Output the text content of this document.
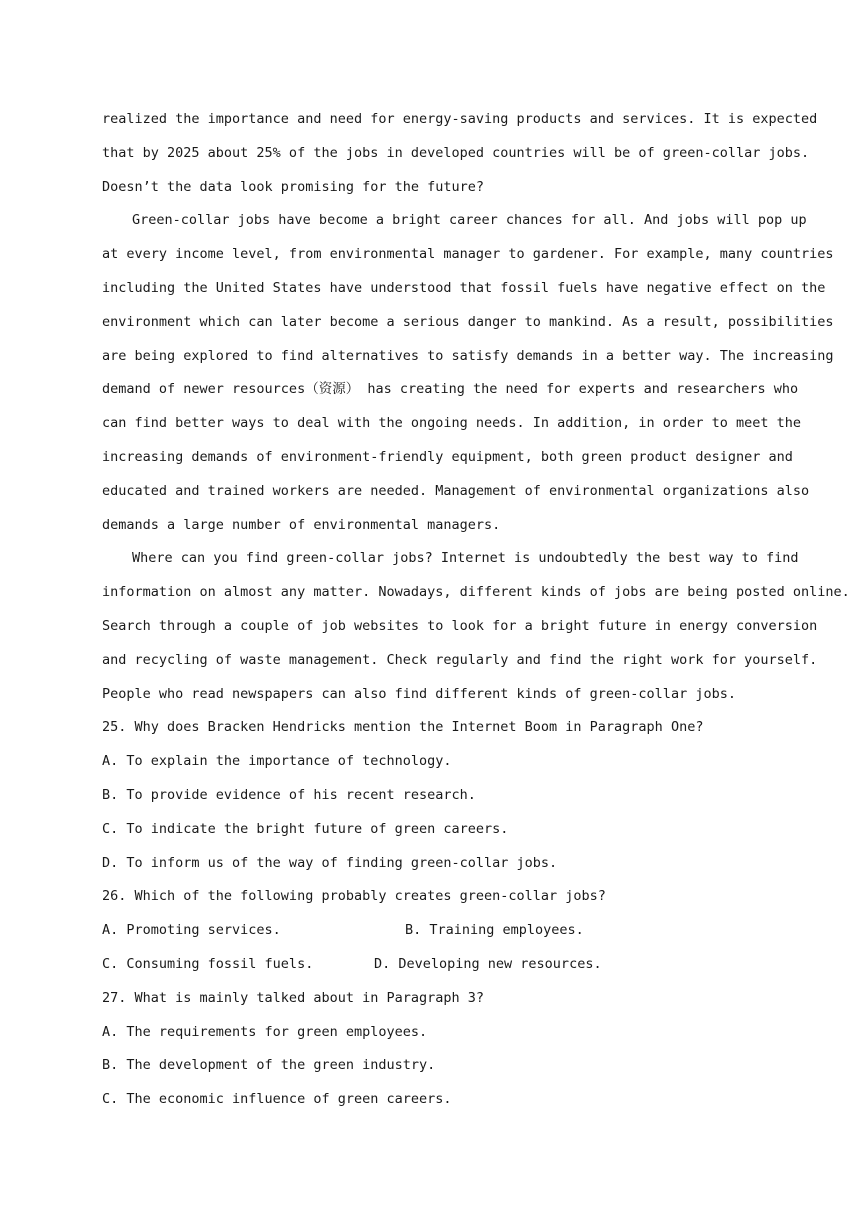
realized the importance and need for energy-saving products and services. It is expected
that by 2025 about 25% of the jobs in developed countries will be of green-collar jobs.
Doesn’t the data look promising for the future?
Green-collar jobs have become a bright career chances for all. And jobs will pop up
at every income level, from environmental manager to gardener. For example, many countries
including the United States have understood that fossil fuels have negative effect on the
environment which can later become a serious danger to mankind. As a result, possibilities
are being explored to find alternatives to satisfy demands in a better way. The increasing
demand of newer resources（资源） has creating the need for experts and researchers who
can find better ways to deal with the ongoing needs. In addition, in order to meet the
increasing demands of environment-friendly equipment, both green product designer and
educated and trained workers are needed. Management of environmental organizations also
demands a large number of environmental managers.
Where can you find green-collar jobs? Internet is undoubtedly the best way to find
information on almost any matter. Nowadays, different kinds of jobs are being posted online.
Search through a couple of job websites to look for a bright future in energy conversion
and recycling of waste management. Check regularly and find the right work for yourself.
People who read newspapers can also find different kinds of green-collar jobs.
25. Why does Bracken Hendricks mention the Internet Boom in Paragraph One?
A. To explain the importance of technology.
B. To provide evidence of his recent research.
C. To indicate the bright future of green careers.
D. To inform us of the way of finding green-collar jobs.
26. Which of the following probably creates green-collar jobs?
A. Promoting services.	B. Training employees.
C. Consuming fossil fuels.	D. Developing new resources.
27. What is mainly talked about in Paragraph 3?
A. The requirements for green employees.
B. The development of the green industry.
C. The economic influence of green careers.
